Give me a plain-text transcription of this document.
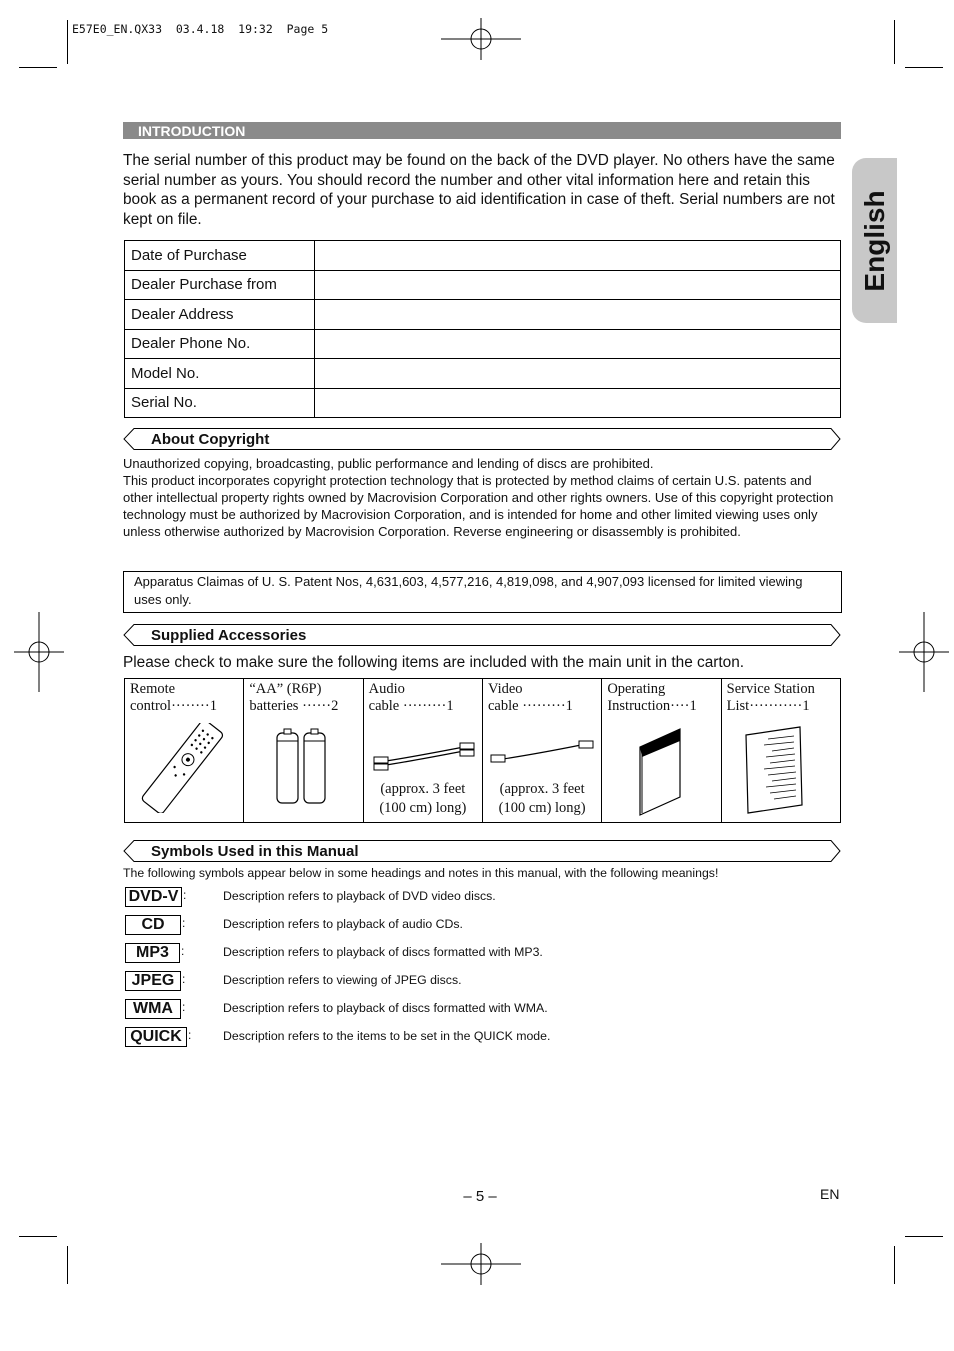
E57E0_EN.QX33  03.4.18  19:32  Page 5
English
INTRODUCTION
The serial number of this product may be found on the back of the DVD player. No others have the same serial number as yours. You should record the number and other vital information here and retain this book as a permanent record of your purchase to aid identification in case of theft. Serial numbers are not kept on file.
Date of Purchase	
Dealer Purchase from	
Dealer Address	
Dealer Phone No.	
Model No.	
Serial No.	
About Copyright
Unauthorized copying, broadcasting, public performance and lending of discs are prohibited.
This product incorporates copyright protection technology that is protected by method claims of certain U.S. patents and other intellectual property rights owned by Macrovision Corporation and other rights owners. Use of this copyright protection technology must be authorized by Macrovision Corporation, and is intended for home and other limited viewing uses only unless otherwise authorized by Macrovision Corporation. Reverse engineering or disassembly is prohibited.
Apparatus Claimas of U. S. Patent Nos, 4,631,603, 4,577,216, 4,819,098, and 4,907,093 licensed for limited viewing uses only.
Supplied Accessories
Please check to make sure the following items are included with the main unit in the carton.
Remote
control········1

“AA” (R6P)
batteries ······2

Audio
cable ·········1
(approx. 3 feet
(100 cm) long)

Video
cable ·········1
(approx. 3 feet
(100 cm) long)

Operating
Instruction····1

Service Station
List···········1
Symbols Used in this Manual
The following symbols appear below in some headings and notes in this manual, with the following meanings!
DVD-V :	Description refers to playback of DVD video discs.
CD	:	Description refers to playback of audio CDs.
MP3	:	Description refers to playback of discs formatted with MP3.
JPEG :	Description refers to viewing of JPEG discs.
WMA :	Description refers to playback of discs formatted with WMA.
QUICK :	Description refers to the items to be set in the QUICK mode.
– 5 –	EN
